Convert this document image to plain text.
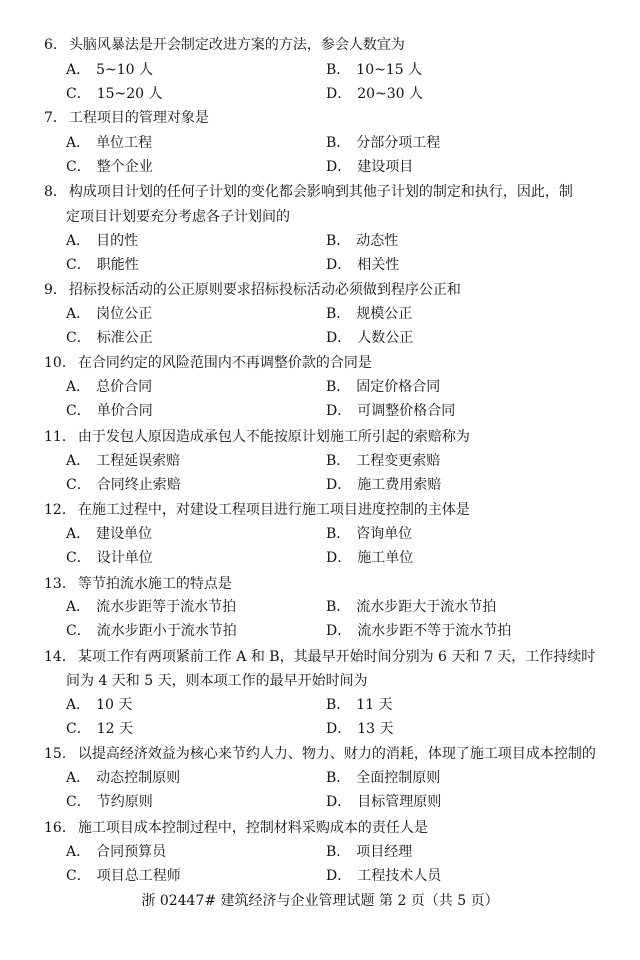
6． 头脑风暴法是开会制定改进方案的方法，参会人数宜为
A． 5~10 人	B． 10~15 人
C． 15~20 人	D． 20~30 人
7． 工程项目的管理对象是
A． 单位工程	B． 分部分项工程
C． 整个企业	D． 建设项目
8． 构成项目计划的任何子计划的变化都会影响到其他子计划的制定和执行，因此，制
定项目计划要充分考虑各子计划间的
A． 目的性	B． 动态性
C． 职能性	D． 相关性
9． 招标投标活动的公正原则要求招标投标活动必须做到程序公正和
A． 岗位公正	B． 规模公正
C． 标准公正	D． 人数公正
10． 在合同约定的风险范围内不再调整价款的合同是
A． 总价合同	B． 固定价格合同
C． 单价合同	D． 可调整价格合同
11． 由于发包人原因造成承包人不能按原计划施工所引起的索赔称为
A． 工程延误索赔	B． 工程变更索赔
C． 合同终止索赔	D． 施工费用索赔
12． 在施工过程中，对建设工程项目进行施工项目进度控制的主体是
A． 建设单位	B． 咨询单位
C． 设计单位	D． 施工单位
13． 等节拍流水施工的特点是
A． 流水步距等于流水节拍	B． 流水步距大于流水节拍
C． 流水步距小于流水节拍	D． 流水步距不等于流水节拍
14． 某项工作有两项紧前工作 A 和 B，其最早开始时间分别为 6 天和 7 天，工作持续时
间为 4 天和 5 天，则本项工作的最早开始时间为
A． 10 天	B． 11 天
C． 12 天	D． 13 天
15． 以提高经济效益为核心来节约人力、物力、财力的消耗，体现了施工项目成本控制的
A． 动态控制原则	B． 全面控制原则
C． 节约原则	D． 目标管理原则
16． 施工项目成本控制过程中，控制材料采购成本的责任人是
A． 合同预算员	B． 项目经理
C． 项目总工程师	D． 工程技术人员
浙 02447# 建筑经济与企业管理试题 第 2 页（共 5 页）
